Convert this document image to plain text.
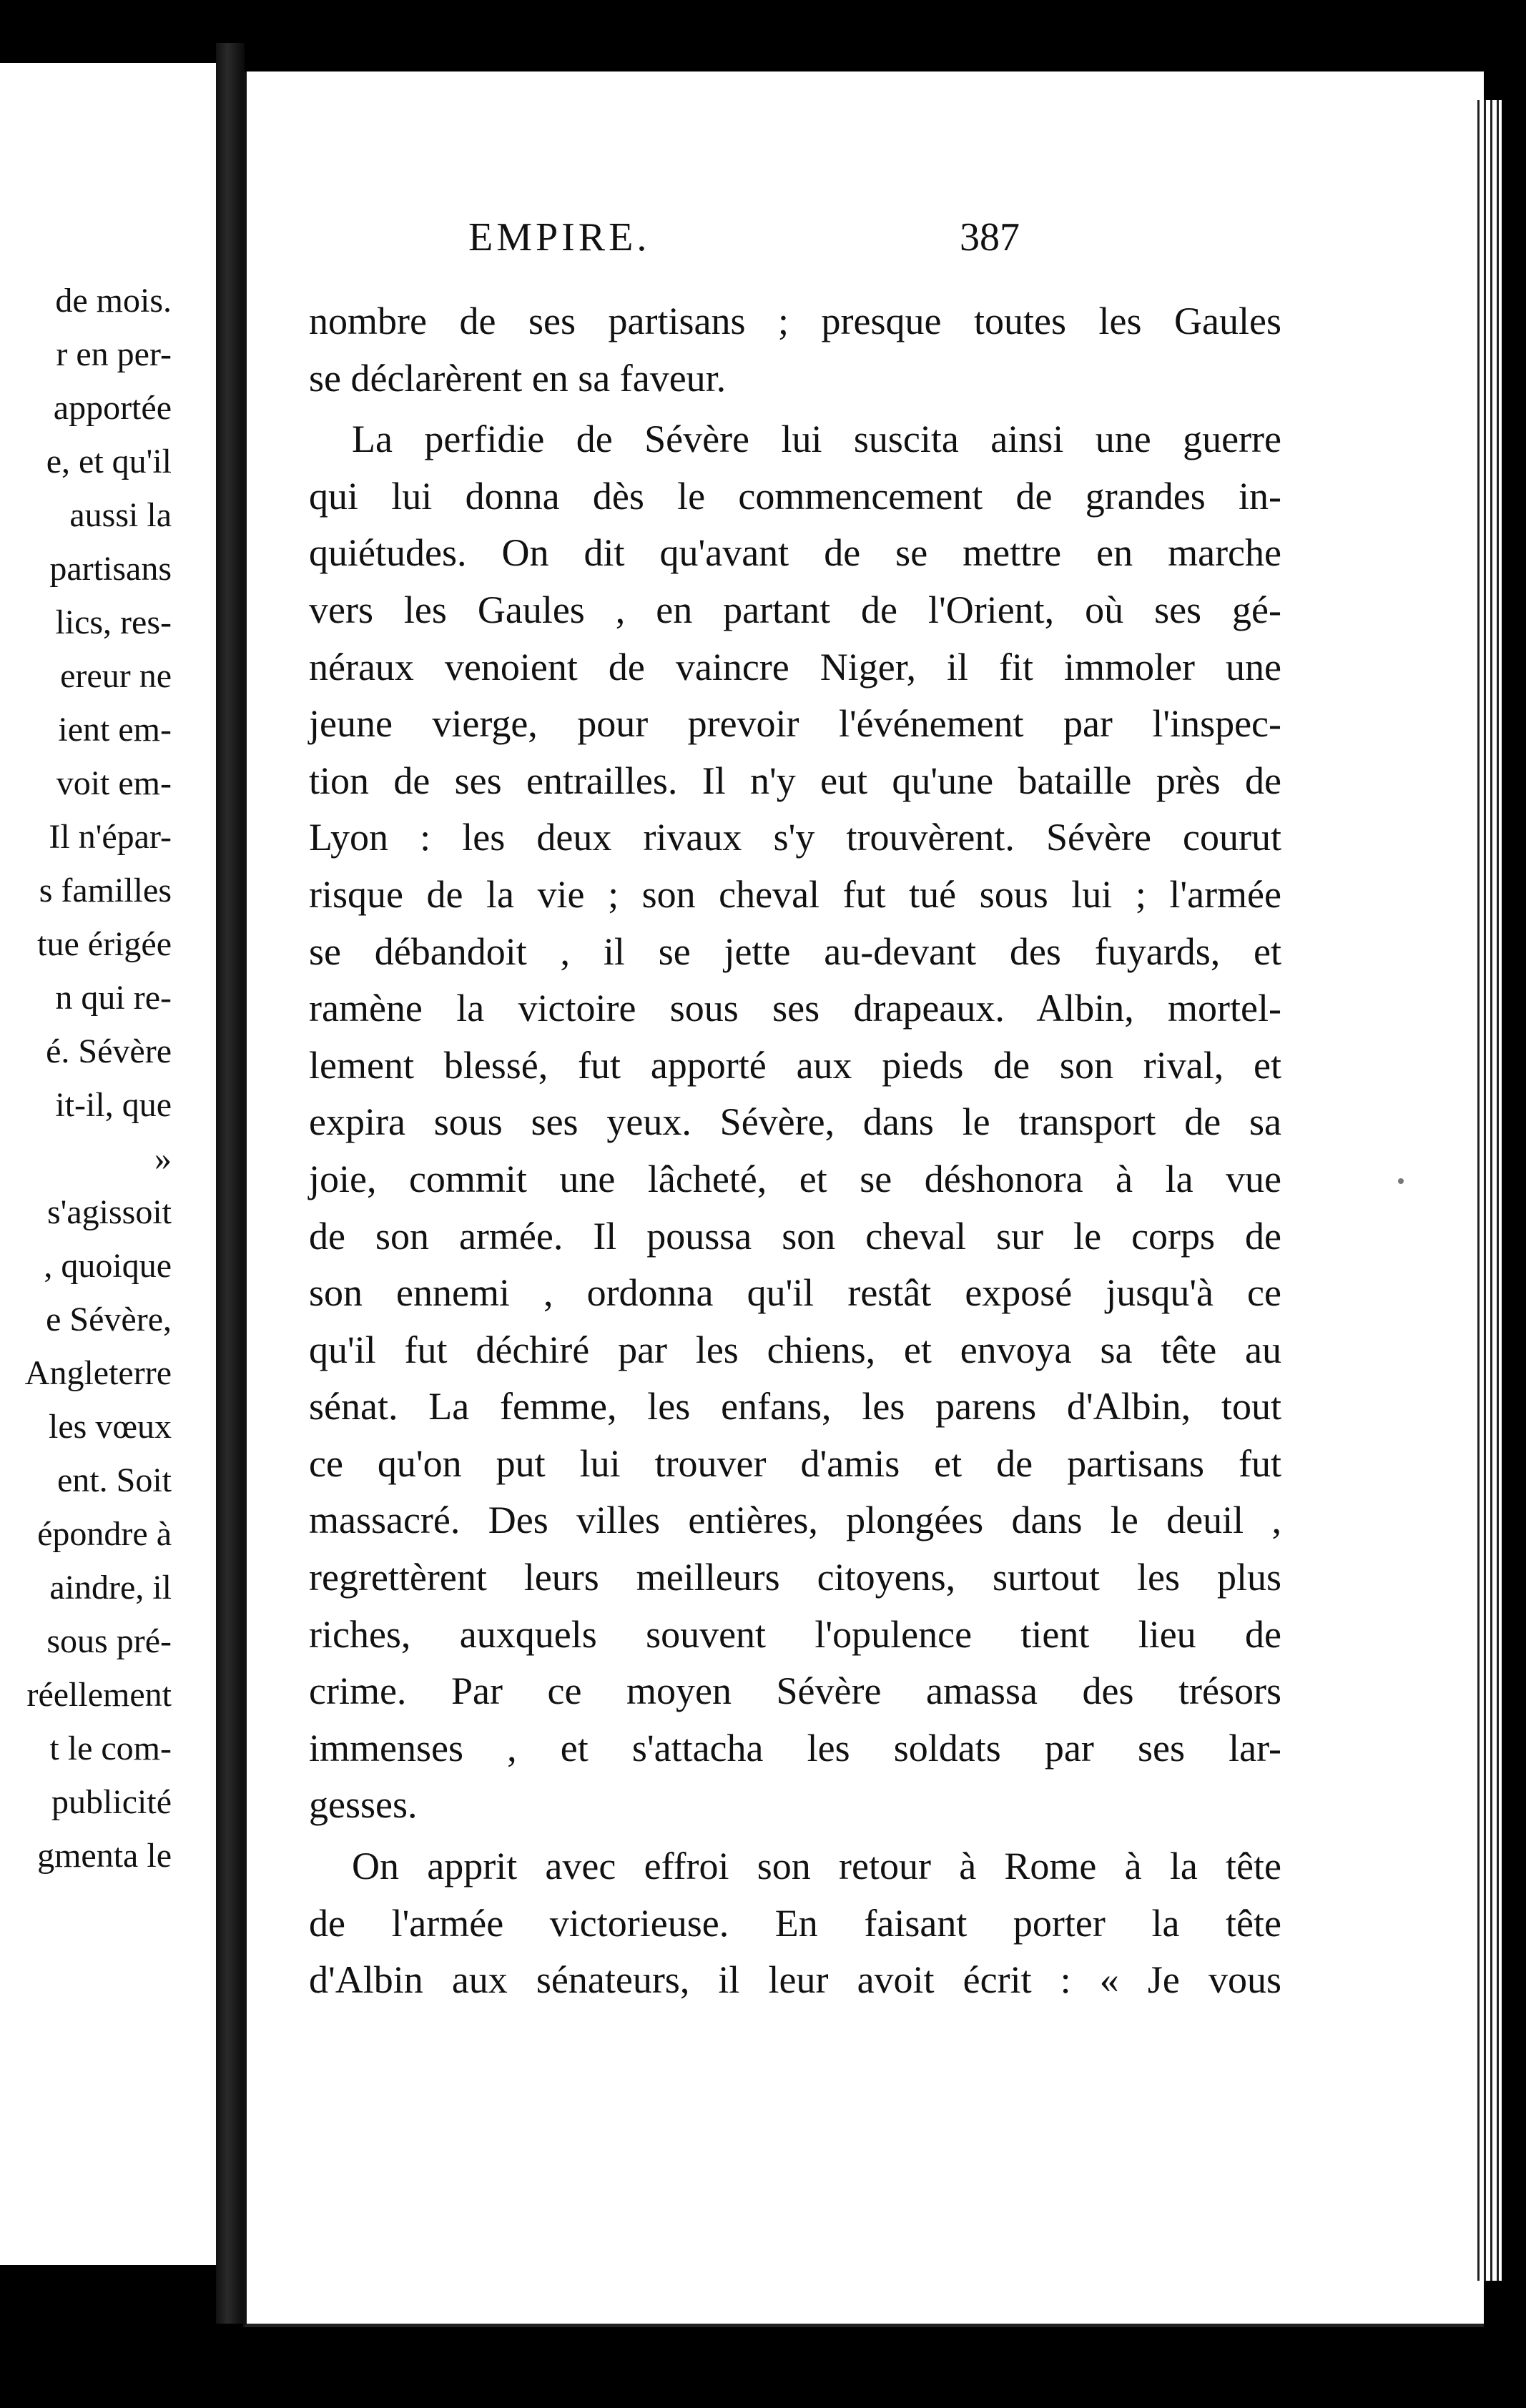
de mois.
r en per-
apportée
e, et qu'il
aussi la
partisans
lics, res-
ereur ne
ient em-
voit em-
Il n'épar-
s familles
tue érigée
n qui re-
é. Sévère
it-il, que
»
s'agissoit
, quoique
e Sévère,
Angleterre
les vœux
ent. Soit
épondre à
aindre, il
sous pré-
réellement
t le com-
publicité
gmenta le
EMPIRE.	387
nombre de ses partisans ; presque toutes les Gaules
se déclarèrent en sa faveur.
La perfidie de Sévère lui suscita ainsi une guerre
qui lui donna dès le commencement de grandes in-
quiétudes. On dit qu'avant de se mettre en marche
vers les Gaules , en partant de l'Orient, où ses gé-
néraux venoient de vaincre Niger, il fit immoler une
jeune vierge, pour prevoir l'événement par l'inspec-
tion de ses entrailles. Il n'y eut qu'une bataille près de
Lyon : les deux rivaux s'y trouvèrent. Sévère courut
risque de la vie ; son cheval fut tué sous lui ; l'armée
se débandoit , il se jette au-devant des fuyards, et
ramène la victoire sous ses drapeaux. Albin, mortel-
lement blessé, fut apporté aux pieds de son rival, et
expira sous ses yeux. Sévère, dans le transport de sa
joie, commit une lâcheté, et se déshonora à la vue
de son armée. Il poussa son cheval sur le corps de
son ennemi , ordonna qu'il restât exposé jusqu'à ce
qu'il fut déchiré par les chiens, et envoya sa tête au
sénat. La femme, les enfans, les parens d'Albin, tout
ce qu'on put lui trouver d'amis et de partisans fut
massacré. Des villes entières, plongées dans le deuil ,
regrettèrent leurs meilleurs citoyens, surtout les plus
riches, auxquels souvent l'opulence tient lieu de
crime. Par ce moyen Sévère amassa des trésors
immenses , et s'attacha les soldats par ses lar-
gesses.
On apprit avec effroi son retour à Rome à la tête
de l'armée victorieuse. En faisant porter la tête
d'Albin aux sénateurs, il leur avoit écrit : « Je vous
